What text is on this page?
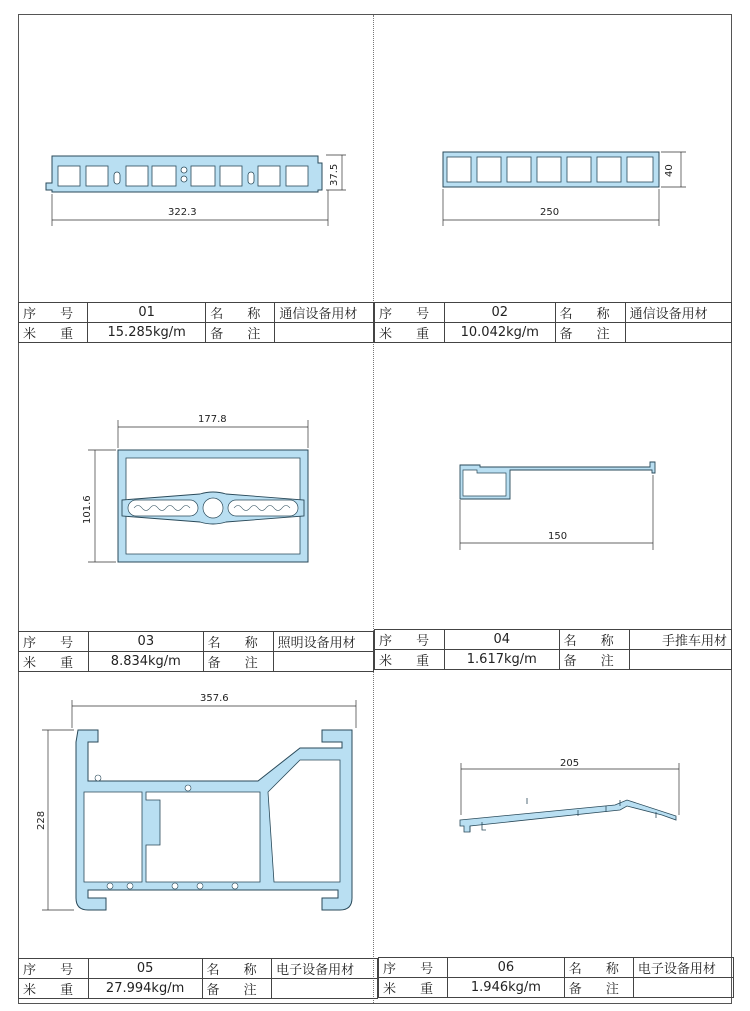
322.3
37.5
250
40
序 号	01	名 称	通信设备用材
米 重	15.285kg/m	备 注	
序 号	02	名 称	通信设备用材
米 重	10.042kg/m	备 注	
177.8
101.6
150
序 号	03	名 称	照明设备用材
米 重	8.834kg/m	备 注	
序 号	04	名 称	手推车用材
米 重	1.617kg/m	备 注	
357.6
228
205
序 号	05	名 称	电子设备用材
米 重	27.994kg/m	备 注	
序 号	06	名 称	电子设备用材
米 重	1.946kg/m	备 注	
